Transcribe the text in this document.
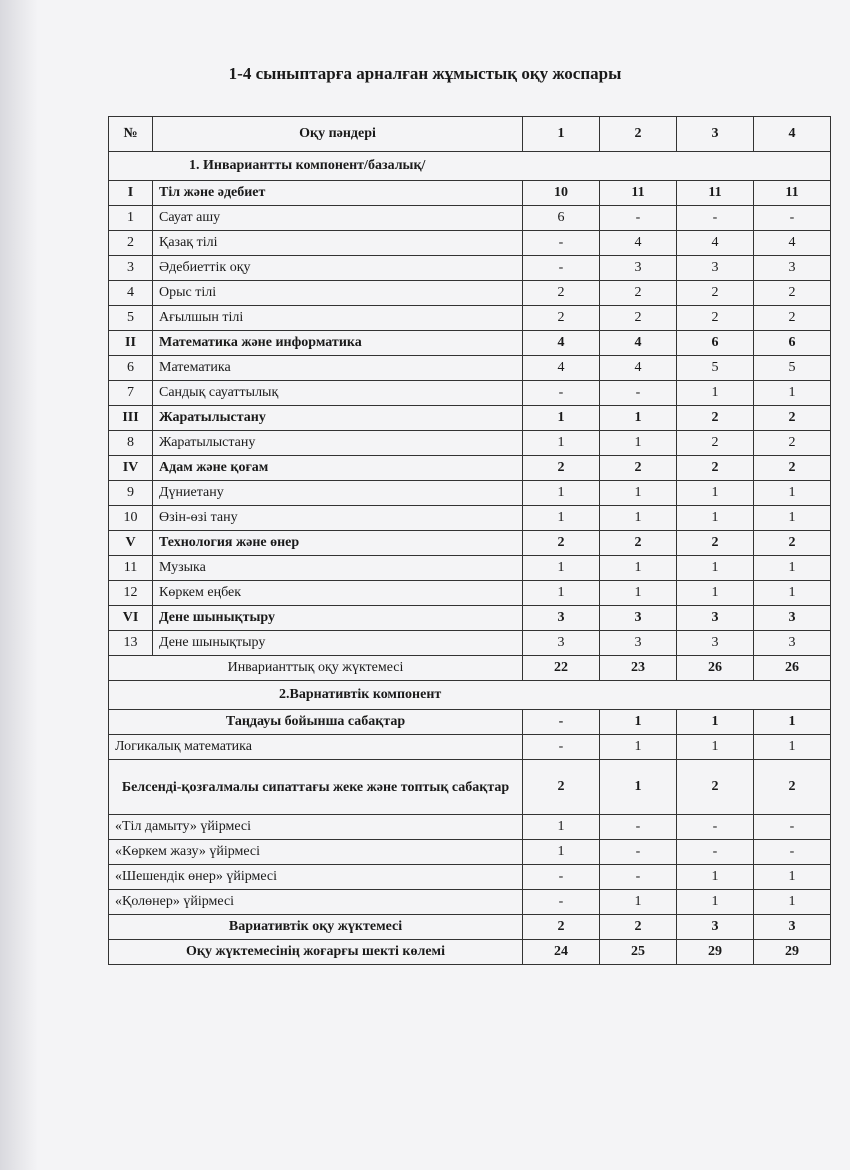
1-4 сыныптарға арналған жұмыстық оқу жоспары
№	Оқу пәндері	1	2	3	4
1. Инвариантты компонент/базалық/					
I	Тіл және әдебиет	10	11	11	11
1	Сауат ашу	6	-	-	-
2	Қазақ тілі	-	4	4	4
3	Әдебиеттік оқу	-	3	3	3
4	Орыс тілі	2	2	2	2
5	Ағылшын тілі	2	2	2	2
II	Математика және информатика	4	4	6	6
6	Математика	4	4	5	5
7	Сандық сауаттылық	-	-	1	1
III	Жаратылыстану	1	1	2	2
8	Жаратылыстану	1	1	2	2
IV	Адам және қоғам	2	2	2	2
9	Дүниетану	1	1	1	1
10	Өзін-өзі тану	1	1	1	1
V	Технология және өнер	2	2	2	2
11	Музыка	1	1	1	1
12	Көркем еңбек	1	1	1	1
VI	Дене шынықтыру	3	3	3	3
13	Дене шынықтыру	3	3	3	3
Инварианттық оқу жүктемесі		22	23	26	26
2.Варнативтік компонент					
Таңдауы бойынша сабақтар		-	1	1	1
Логикалық математика		-	1	1	1
Белсенді-қозғалмалы сипаттағы жеке және топтық сабақтар		2	1	2	2
«Тіл дамыту» үйірмесі		1	-	-	-
«Көркем жазу» үйірмесі		1	-	-	-
«Шешендік өнер» үйірмесі		-	-	1	1
«Қолөнер» үйірмесі		-	1	1	1
Вариативтік оқу жүктемесі		2	2	3	3
Оқу жүктемесінің жоғарғы шекті көлемі		24	25	29	29
